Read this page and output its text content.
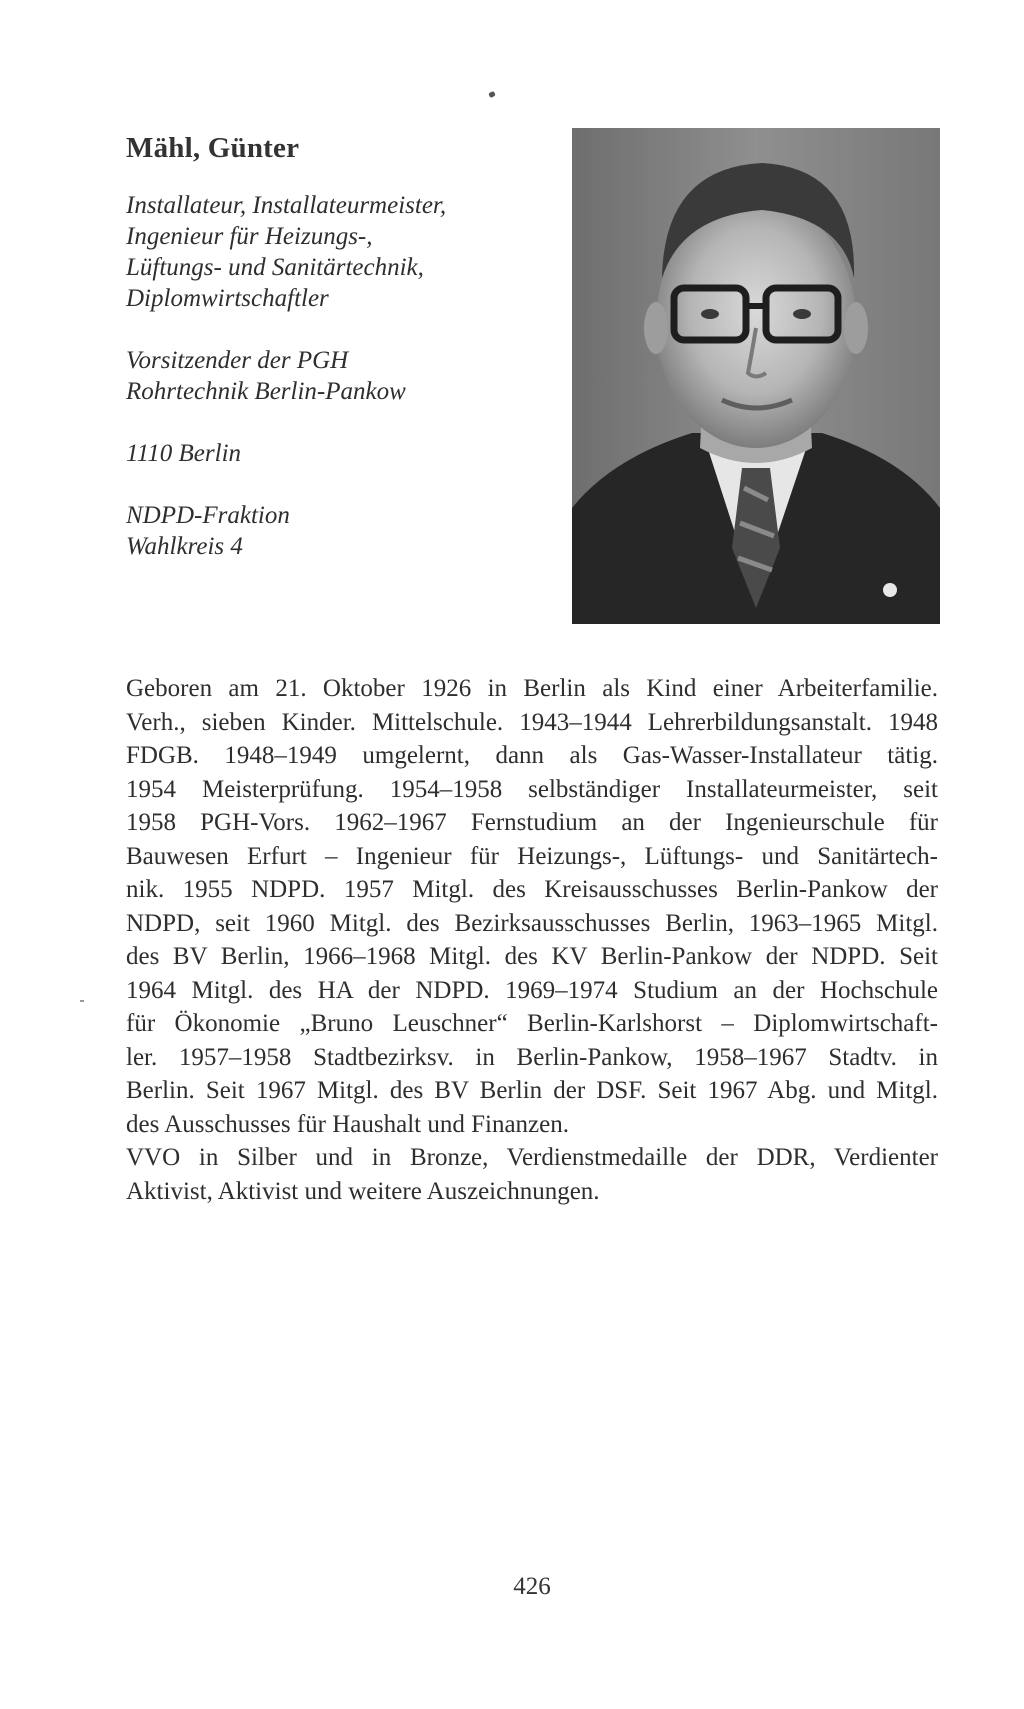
Mähl, Günter
Installateur, Installateurmeister,
Ingenieur für Heizungs-,
Lüftungs- und Sanitärtechnik,
Diplomwirtschaftler
Vorsitzender der PGH
Rohrtechnik Berlin-Pankow
1110 Berlin
NDPD-Fraktion
Wahlkreis 4
Geboren am 21. Oktober 1926 in Berlin als Kind einer Arbeiterfamilie.
Verh., sieben Kinder. Mittelschule. 1943–1944 Lehrerbildungsanstalt. 1948
FDGB. 1948–1949 umgelernt, dann als Gas-Wasser-Installateur tätig.
1954 Meisterprüfung. 1954–1958 selbständiger Installateurmeister, seit
1958 PGH-Vors. 1962–1967 Fernstudium an der Ingenieurschule für
Bauwesen Erfurt – Ingenieur für Heizungs-, Lüftungs- und Sanitärtech-
nik. 1955 NDPD. 1957 Mitgl. des Kreisausschusses Berlin-Pankow der
NDPD, seit 1960 Mitgl. des Bezirksausschusses Berlin, 1963–1965 Mitgl.
des BV Berlin, 1966–1968 Mitgl. des KV Berlin-Pankow der NDPD. Seit
1964 Mitgl. des HA der NDPD. 1969–1974 Studium an der Hochschule
für Ökonomie „Bruno Leuschner“ Berlin-Karlshorst – Diplomwirtschaft-
ler. 1957–1958 Stadtbezirksv. in Berlin-Pankow, 1958–1967 Stadtv. in
Berlin. Seit 1967 Mitgl. des BV Berlin der DSF. Seit 1967 Abg. und Mitgl.
des Ausschusses für Haushalt und Finanzen.
VVO in Silber und in Bronze, Verdienstmedaille der DDR, Verdienter
Aktivist, Aktivist und weitere Auszeichnungen.
426
